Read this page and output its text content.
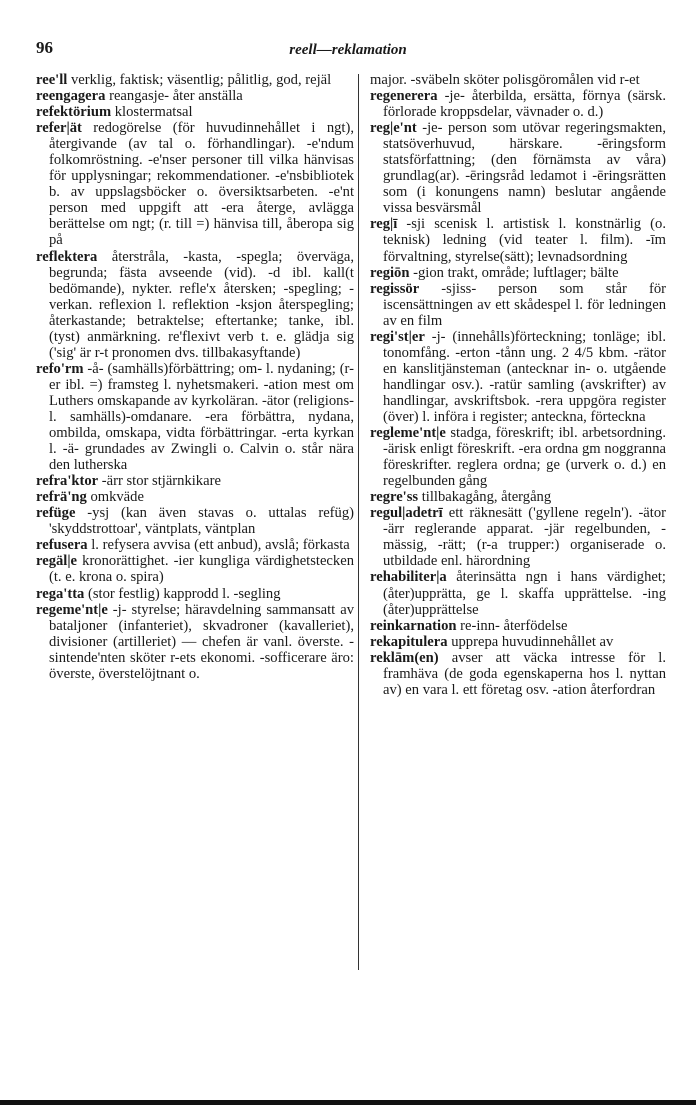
96	reell—reklamation

ree'll verklig, faktisk; väsentlig; pålitlig, god, rejäl

reengagera reangasje- åter anställa

refektörium klostermatsal

refer|ät redogörelse (för huvudinnehållet i ngt), återgivande (av tal o. förhandlingar). -e'ndum folkomröstning. -e'nser personer till vilka hänvisas för upplysningar; rekommendationer. -e'nsbibliotek b. av uppslagsböcker o. översiktsarbeten. -e'nt person med uppgift att -era återge, avlägga berättelse om ngt; (r. till =) hänvisa till, åberopa sig på

reflektera återstråla, -kasta, -spegla; överväga, begrunda; fästa avseende (vid). -d ibl. kall(t bedömande), nykter. refle'x återsken; -spegling; -verkan. reflexion l. reflektion -ksjon återspegling; återkastande; betraktelse; eftertanke; tanke, ibl. (tyst) anmärkning. re'flexivt verb t. e. glädja sig ('sig' är r-t pronomen dvs. tillbakasyftande)

refo'rm -å- (samhälls)förbättring; om- l. nydaning; (r-er ibl. =) framsteg l. nyhetsmakeri. -ation mest om Luthers omskapande av kyrkoläran. -ätor (religions- l. samhälls)-omdanare. -era förbättra, nydana, ombilda, omskapa, vidta förbättringar. -erta kyrkan l. -ä- grundades av Zwingli o. Calvin o. står nära den lutherska

refra'ktor -ärr stor stjärnkikare

refrä'ng omkväde

refüge -ysj (kan även stavas o. uttalas refüg) 'skyddstrottoar', väntplats, väntplan

refusera l. refysera avvisa (ett anbud), avslå; förkasta

regäl|e kronorättighet. -ier kungliga värdighetstecken (t. e. krona o. spira)

rega'tta (stor festlig) kapprodd l. -segling

regeme'nt|e -j- styrelse; häravdelning sammansatt av bataljoner (infanteriet), skvadroner (kavalleriet), divisioner (artilleriet) — chefen är vanl. överste. -sintende'nten sköter r-ets ekonomi. -sofficerare äro: överste, överstelöjtnant o.

major. -sväbeln sköter polisgöromålen vid r-et

regenerera -je- återbilda, ersätta, förnya (särsk. förlorade kroppsdelar, vävnader o. d.)

reg|e'nt -je- person som utövar regeringsmakten, statsöverhuvud, härskare. -ēringsform statsförfattning; (den förnämsta av våra) grundlag(ar). -ēringsråd ledamot i -ēringsrätten som (i konungens namn) beslutar angående vissa besvärsmål

reg|ī -sji scenisk l. artistisk l. konstnärlig (o. teknisk) ledning (vid teater l. film). -īm förvaltning, styrelse(sätt); levnadsordning

regiōn -gion trakt, område; luftlager; bälte

regissör -sjiss- person som står för iscensättningen av ett skådespel l. för ledningen av en film

regi'st|er -j- (innehålls)förteckning; tonläge; ibl. tonomfång. -erton -tånn ung. 2 4/5 kbm. -rätor en kanslitjänsteman (antecknar in- o. utgående handlingar osv.). -ratür samling (avskrifter) av handlingar, avskriftsbok. -rera uppgöra register (över) l. införa i register; anteckna, förteckna

regleme'nt|e stadga, föreskrift; ibl. arbetsordning. -ärisk enligt föreskrift. -era ordna gm noggranna föreskrifter. reglera ordna; ge (urverk o. d.) en regelbunden gång

regre'ss tillbakagång, återgång

regul|adetrī ett räknesätt ('gyllene regeln'). -ätor -ärr reglerande apparat. -jär regelbunden, -mässig, -rätt; (r-a trupper:) organiserade o. utbildade enl. härordning

rehabiliter|a återinsätta ngn i hans värdighet; (åter)upprätta, ge l. skaffa upprättelse. -ing (åter)upprättelse

reinkarnation re-inn- återfödelse

rekapitulera upprepa huvudinnehållet av

reklām(en) avser att väcka intresse för l. framhäva (de goda egenskaperna hos l. nyttan av) en vara l. ett företag osv. -ation återfordran
